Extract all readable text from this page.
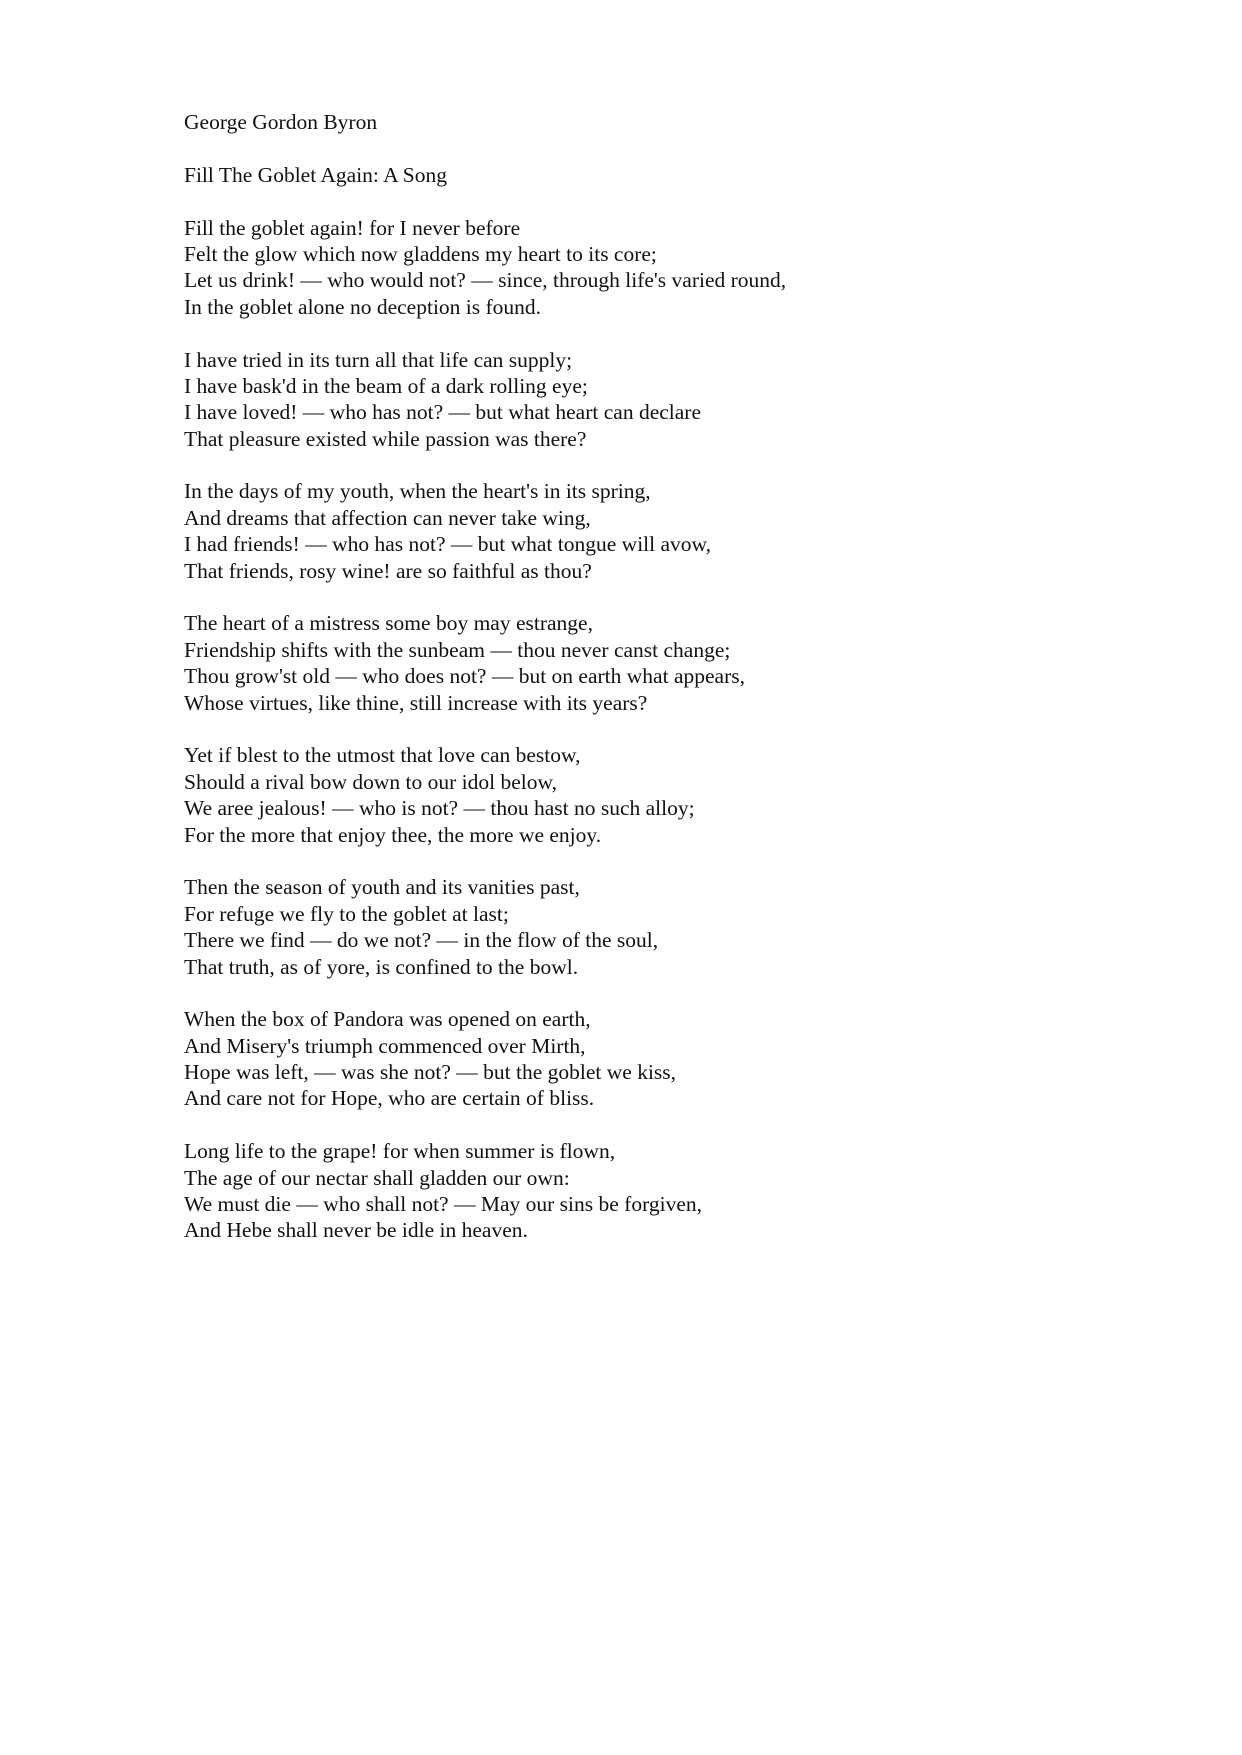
George Gordon Byron
Fill The Goblet Again: A Song
Fill the goblet again! for I never before
Felt the glow which now gladdens my heart to its core;
Let us drink! — who would not? — since, through life's varied round,
In the goblet alone no deception is found.
I have tried in its turn all that life can supply;
I have bask'd in the beam of a dark rolling eye;
I have loved! — who has not? — but what heart can declare
That pleasure existed while passion was there?
In the days of my youth, when the heart's in its spring,
And dreams that affection can never take wing,
I had friends! — who has not? — but what tongue will avow,
That friends, rosy wine! are so faithful as thou?
The heart of a mistress some boy may estrange,
Friendship shifts with the sunbeam — thou never canst change;
Thou grow'st old — who does not? — but on earth what appears,
Whose virtues, like thine, still increase with its years?
Yet if blest to the utmost that love can bestow,
Should a rival bow down to our idol below,
We aree jealous! — who is not? — thou hast no such alloy;
For the more that enjoy thee, the more we enjoy.
Then the season of youth and its vanities past,
For refuge we fly to the goblet at last;
There we find — do we not? — in the flow of the soul,
That truth, as of yore, is confined to the bowl.
When the box of Pandora was opened on earth,
And Misery's triumph commenced over Mirth,
Hope was left, — was she not? — but the goblet we kiss,
And care not for Hope, who are certain of bliss.
Long life to the grape! for when summer is flown,
The age of our nectar shall gladden our own:
We must die — who shall not? — May our sins be forgiven,
And Hebe shall never be idle in heaven.
